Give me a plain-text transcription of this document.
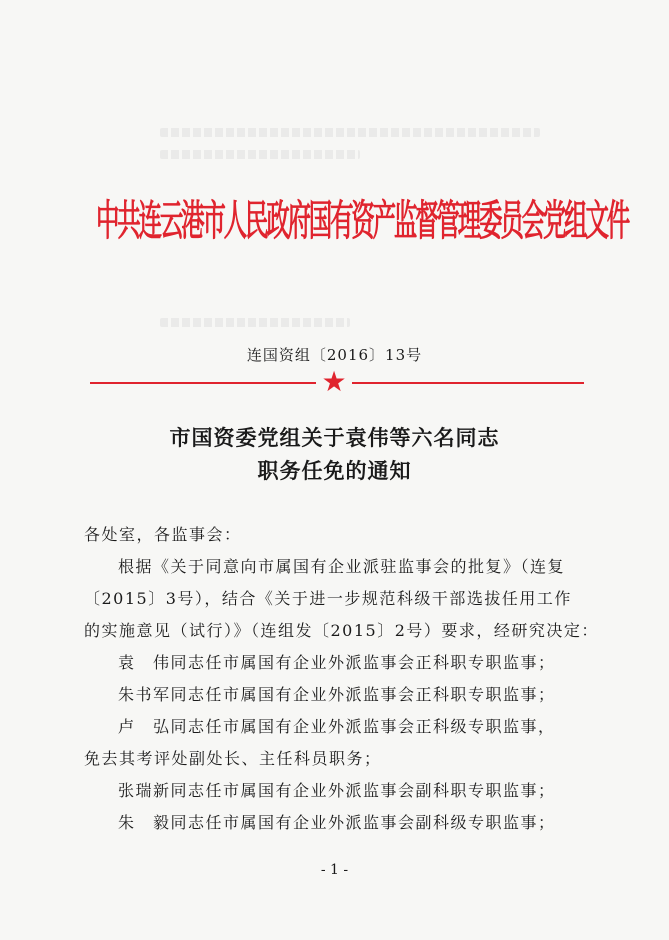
中共连云港市人民政府国有资产监督管理委员会党组文件
连国资组〔2016〕13号
★
市国资委党组关于袁伟等六名同志
职务任免的通知
各处室，各监事会：
根据《关于同意向市属国有企业派驻监事会的批复》（连复
〔2015〕3号），结合《关于进一步规范科级干部选拔任用工作
的实施意见（试行）》（连组发〔2015〕2号）要求，经研究决定：
袁　伟同志任市属国有企业外派监事会正科职专职监事；
朱书军同志任市属国有企业外派监事会正科职专职监事；
卢　弘同志任市属国有企业外派监事会正科级专职监事，
免去其考评处副处长、主任科员职务；
张瑞新同志任市属国有企业外派监事会副科职专职监事；
朱　毅同志任市属国有企业外派监事会副科级专职监事；
- 1 -
